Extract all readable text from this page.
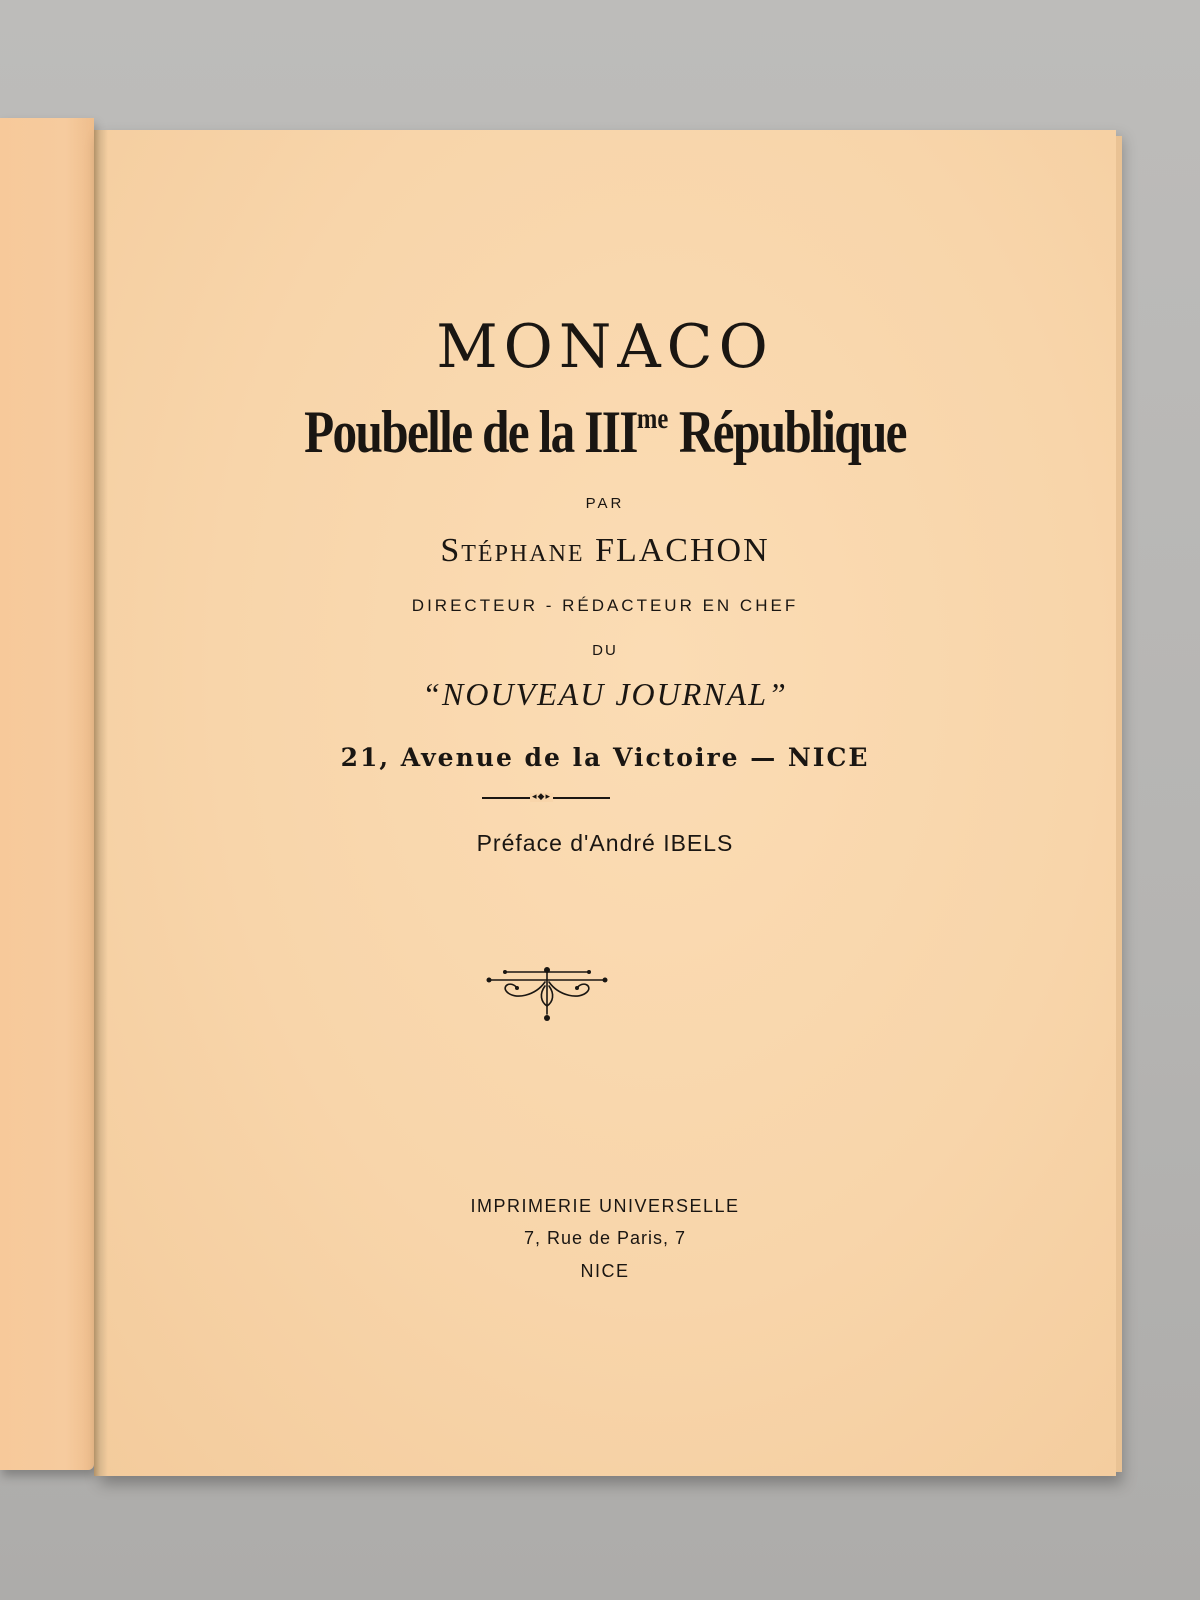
MONACO
Poubelle de la $III^{me}$ République
PAR
Stéphane FLACHON
DIRECTEUR - RÉDACTEUR EN CHEF
DU
“NOUVEAU JOURNAL”
21, Avenue de la Victoire — NICE
◂◆▸
Préface d'André IBELS
IMPRIMERIE UNIVERSELLE
7, Rue de Paris, 7
NICE
